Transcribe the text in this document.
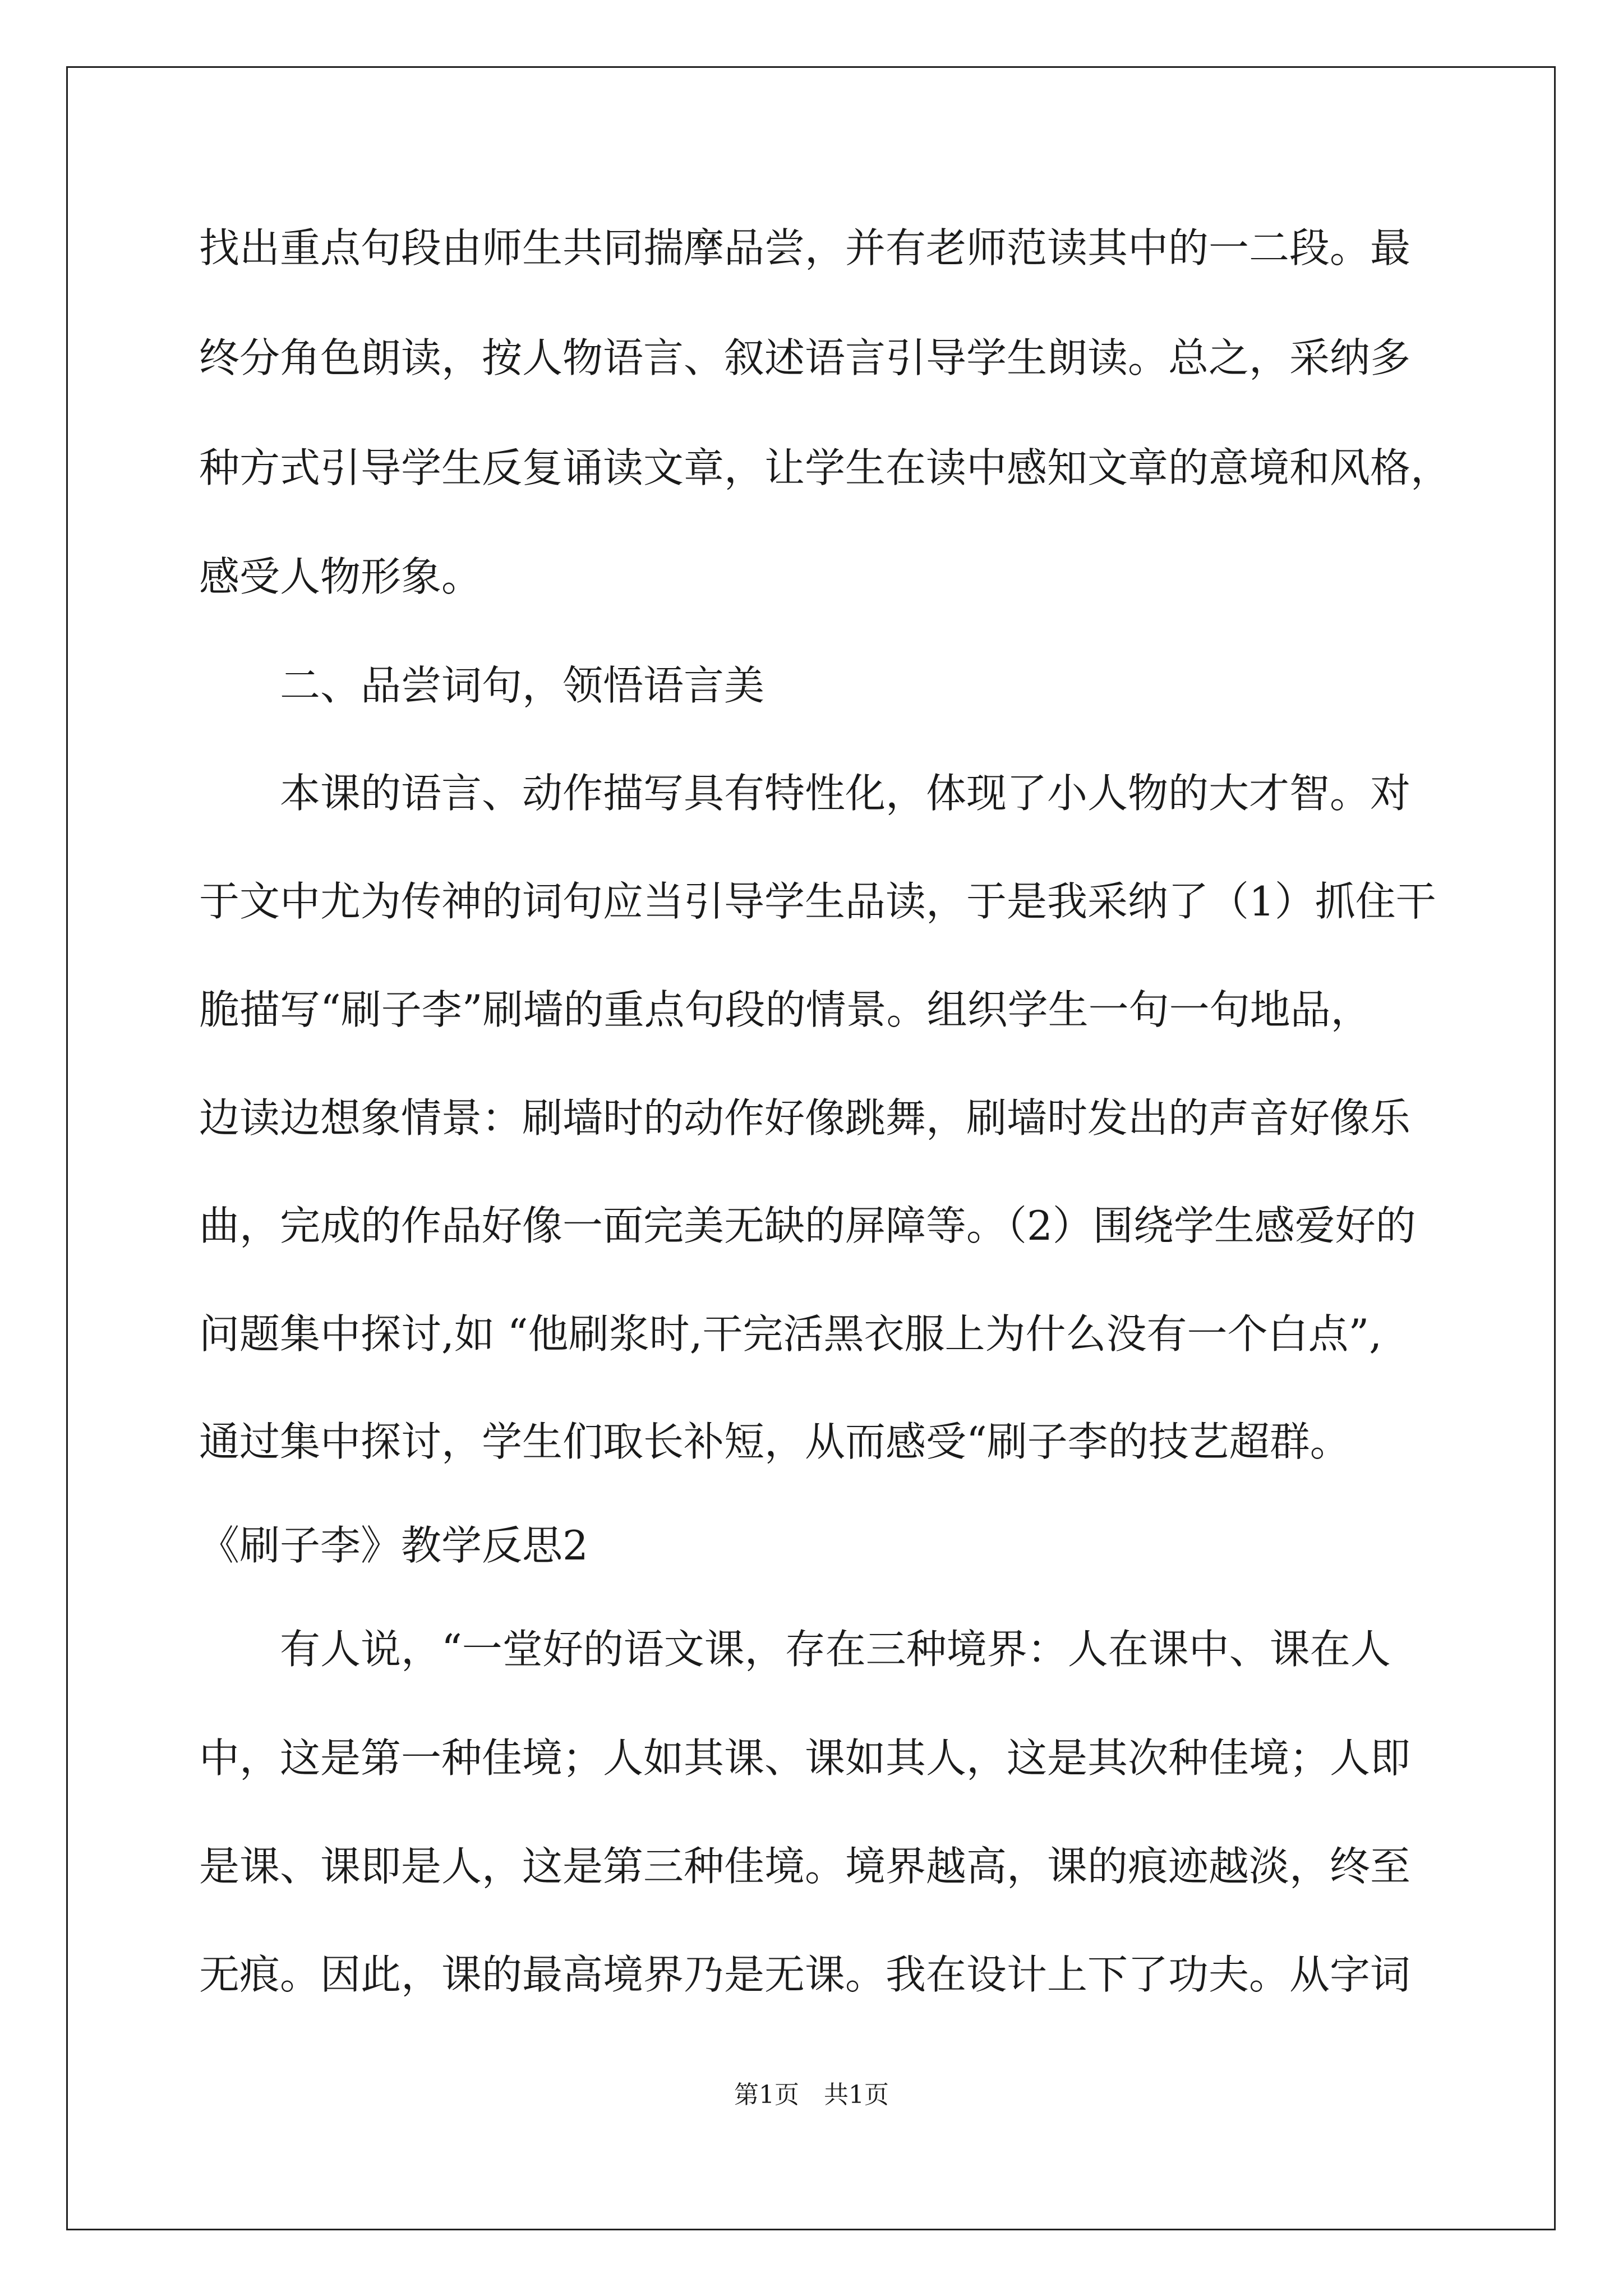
找出重点句段由师生共同揣摩品尝，并有老师范读其中的一二段。最
终分角色朗读，按人物语言、叙述语言引导学生朗读。总之，采纳多
种方式引导学生反复诵读文章，让学生在读中感知文章的意境和风格，
感受人物形象。
　　二、品尝词句，领悟语言美
　　本课的语言、动作描写具有特性化，体现了小人物的大才智。对
于文中尤为传神的词句应当引导学生品读，于是我采纳了（1）抓住干
脆描写“刷子李”刷墙的重点句段的情景。组织学生一句一句地品，
边读边想象情景：刷墙时的动作好像跳舞，刷墙时发出的声音好像乐
曲，完成的作品好像一面完美无缺的屏障等。（2）围绕学生感爱好的
问题集中探讨,如 “他刷浆时,干完活黑衣服上为什么没有一个白点”,
通过集中探讨，学生们取长补短，从而感受“刷子李的技艺超群。
《刷子李》教学反思2
　　有人说，“一堂好的语文课，存在三种境界：人在课中、课在人
中，这是第一种佳境；人如其课、课如其人，这是其次种佳境；人即
是课、课即是人，这是第三种佳境。境界越高，课的痕迹越淡，终至
无痕。因此，课的最高境界乃是无课。我在设计上下了功夫。从字词
第1页　共1页
